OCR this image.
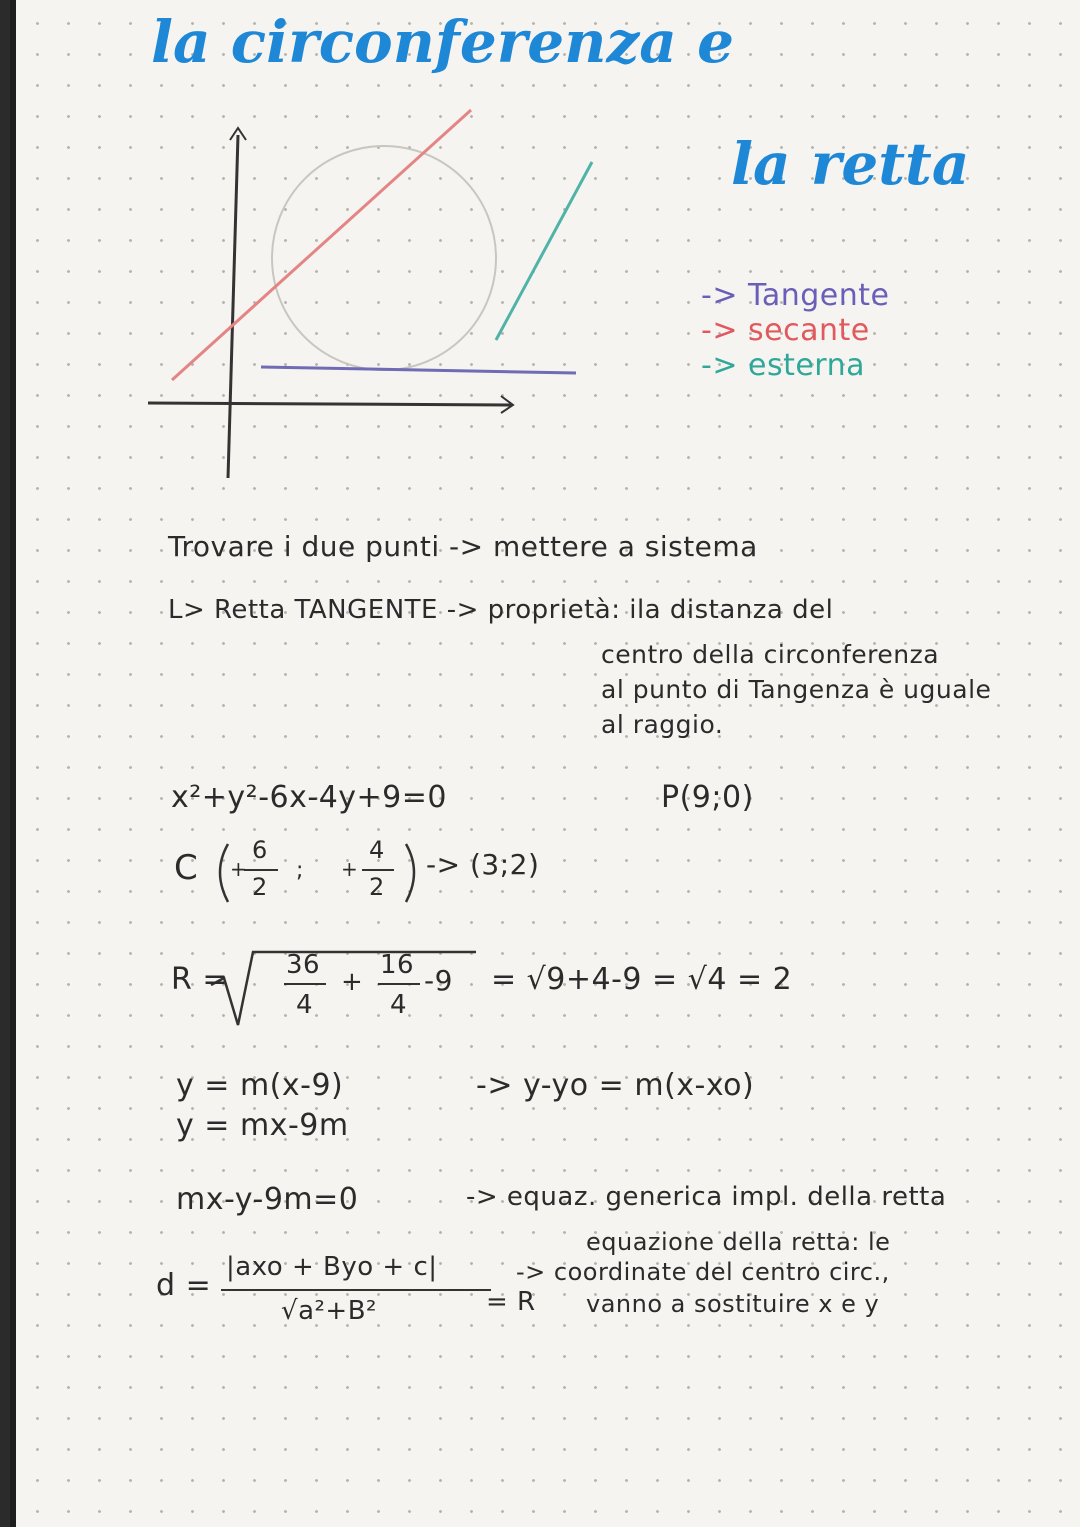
la circonferenza e
la retta
-> Tangente
-> secante
-> esterna
Trovare i due punti -> mettere a sistema
L> Retta TANGENTE -> proprietà: ila distanza del
centro della circonferenza
al punto di Tangenza è uguale
al raggio.
x²+y²-6x-4y+9=0	P(9;0)
C +
6
2
; +
4
2
-> (3;2)
R = 36
4
+
16
4
-9 = √9+4-9 = √4 = 2
y = m(x-9)	-> y-yo = m(x-xo)
y = mx-9m
mx-y-9m=0	-> equaz. generica impl. della retta
d =
|axo + Byo + c|
√a²+B²	= R
equazione della retta: le
-> coordinate del centro circ.,
vanno a sostituire x e y
